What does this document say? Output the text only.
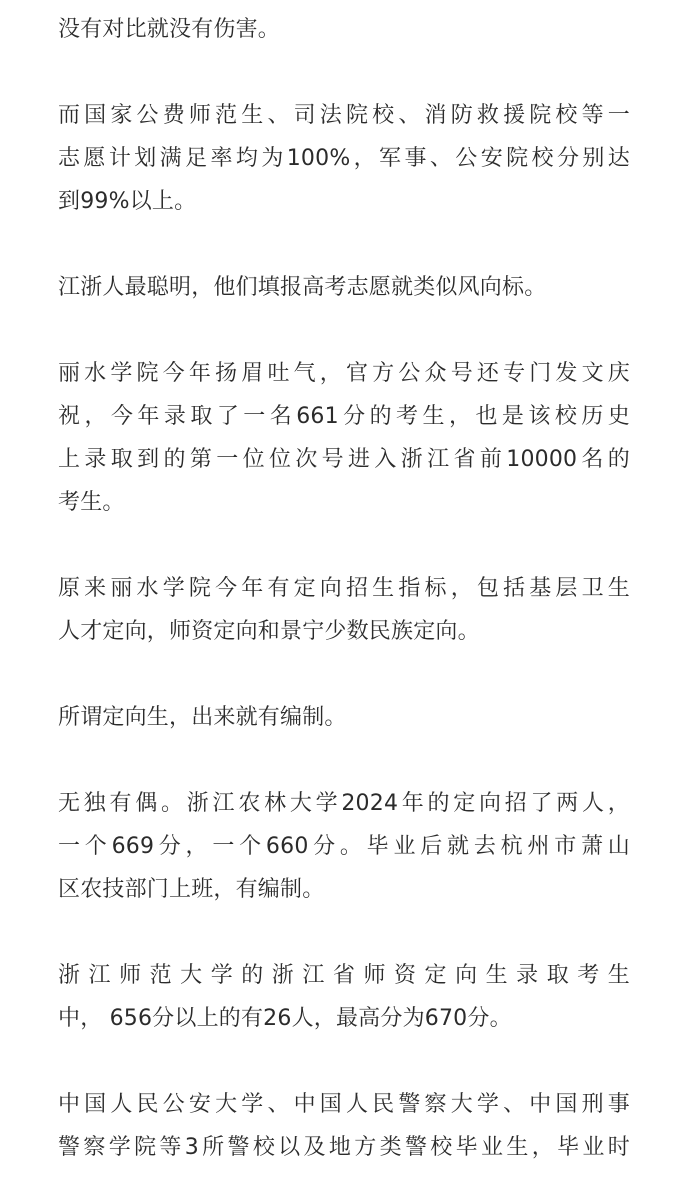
没有对比就没有伤害。
而国家公费师范生、司法院校、消防救援院校等一
志愿计划满足率均为100%，军事、公安院校分别达
到99%以上。
江浙人最聪明，他们填报高考志愿就类似风向标。
丽水学院今年扬眉吐气，官方公众号还专门发文庆
祝，今年录取了一名661分的考生，也是该校历史
上录取到的第一位位次号进入浙江省前10000名的
考生。
原来丽水学院今年有定向招生指标，包括基层卫生
人才定向，师资定向和景宁少数民族定向。
所谓定向生，出来就有编制。
无独有偶。浙江农林大学2024年的定向招了两人，
一个669分，一个660分。毕业后就去杭州市萧山
区农技部门上班，有编制。
浙江师范大学的浙江省师资定向生录取考生
中， 656分以上的有26人，最高分为670分。
中国人民公安大学、中国人民警察大学、中国刑事
警察学院等3所警校以及地方类警校毕业生，毕业时
